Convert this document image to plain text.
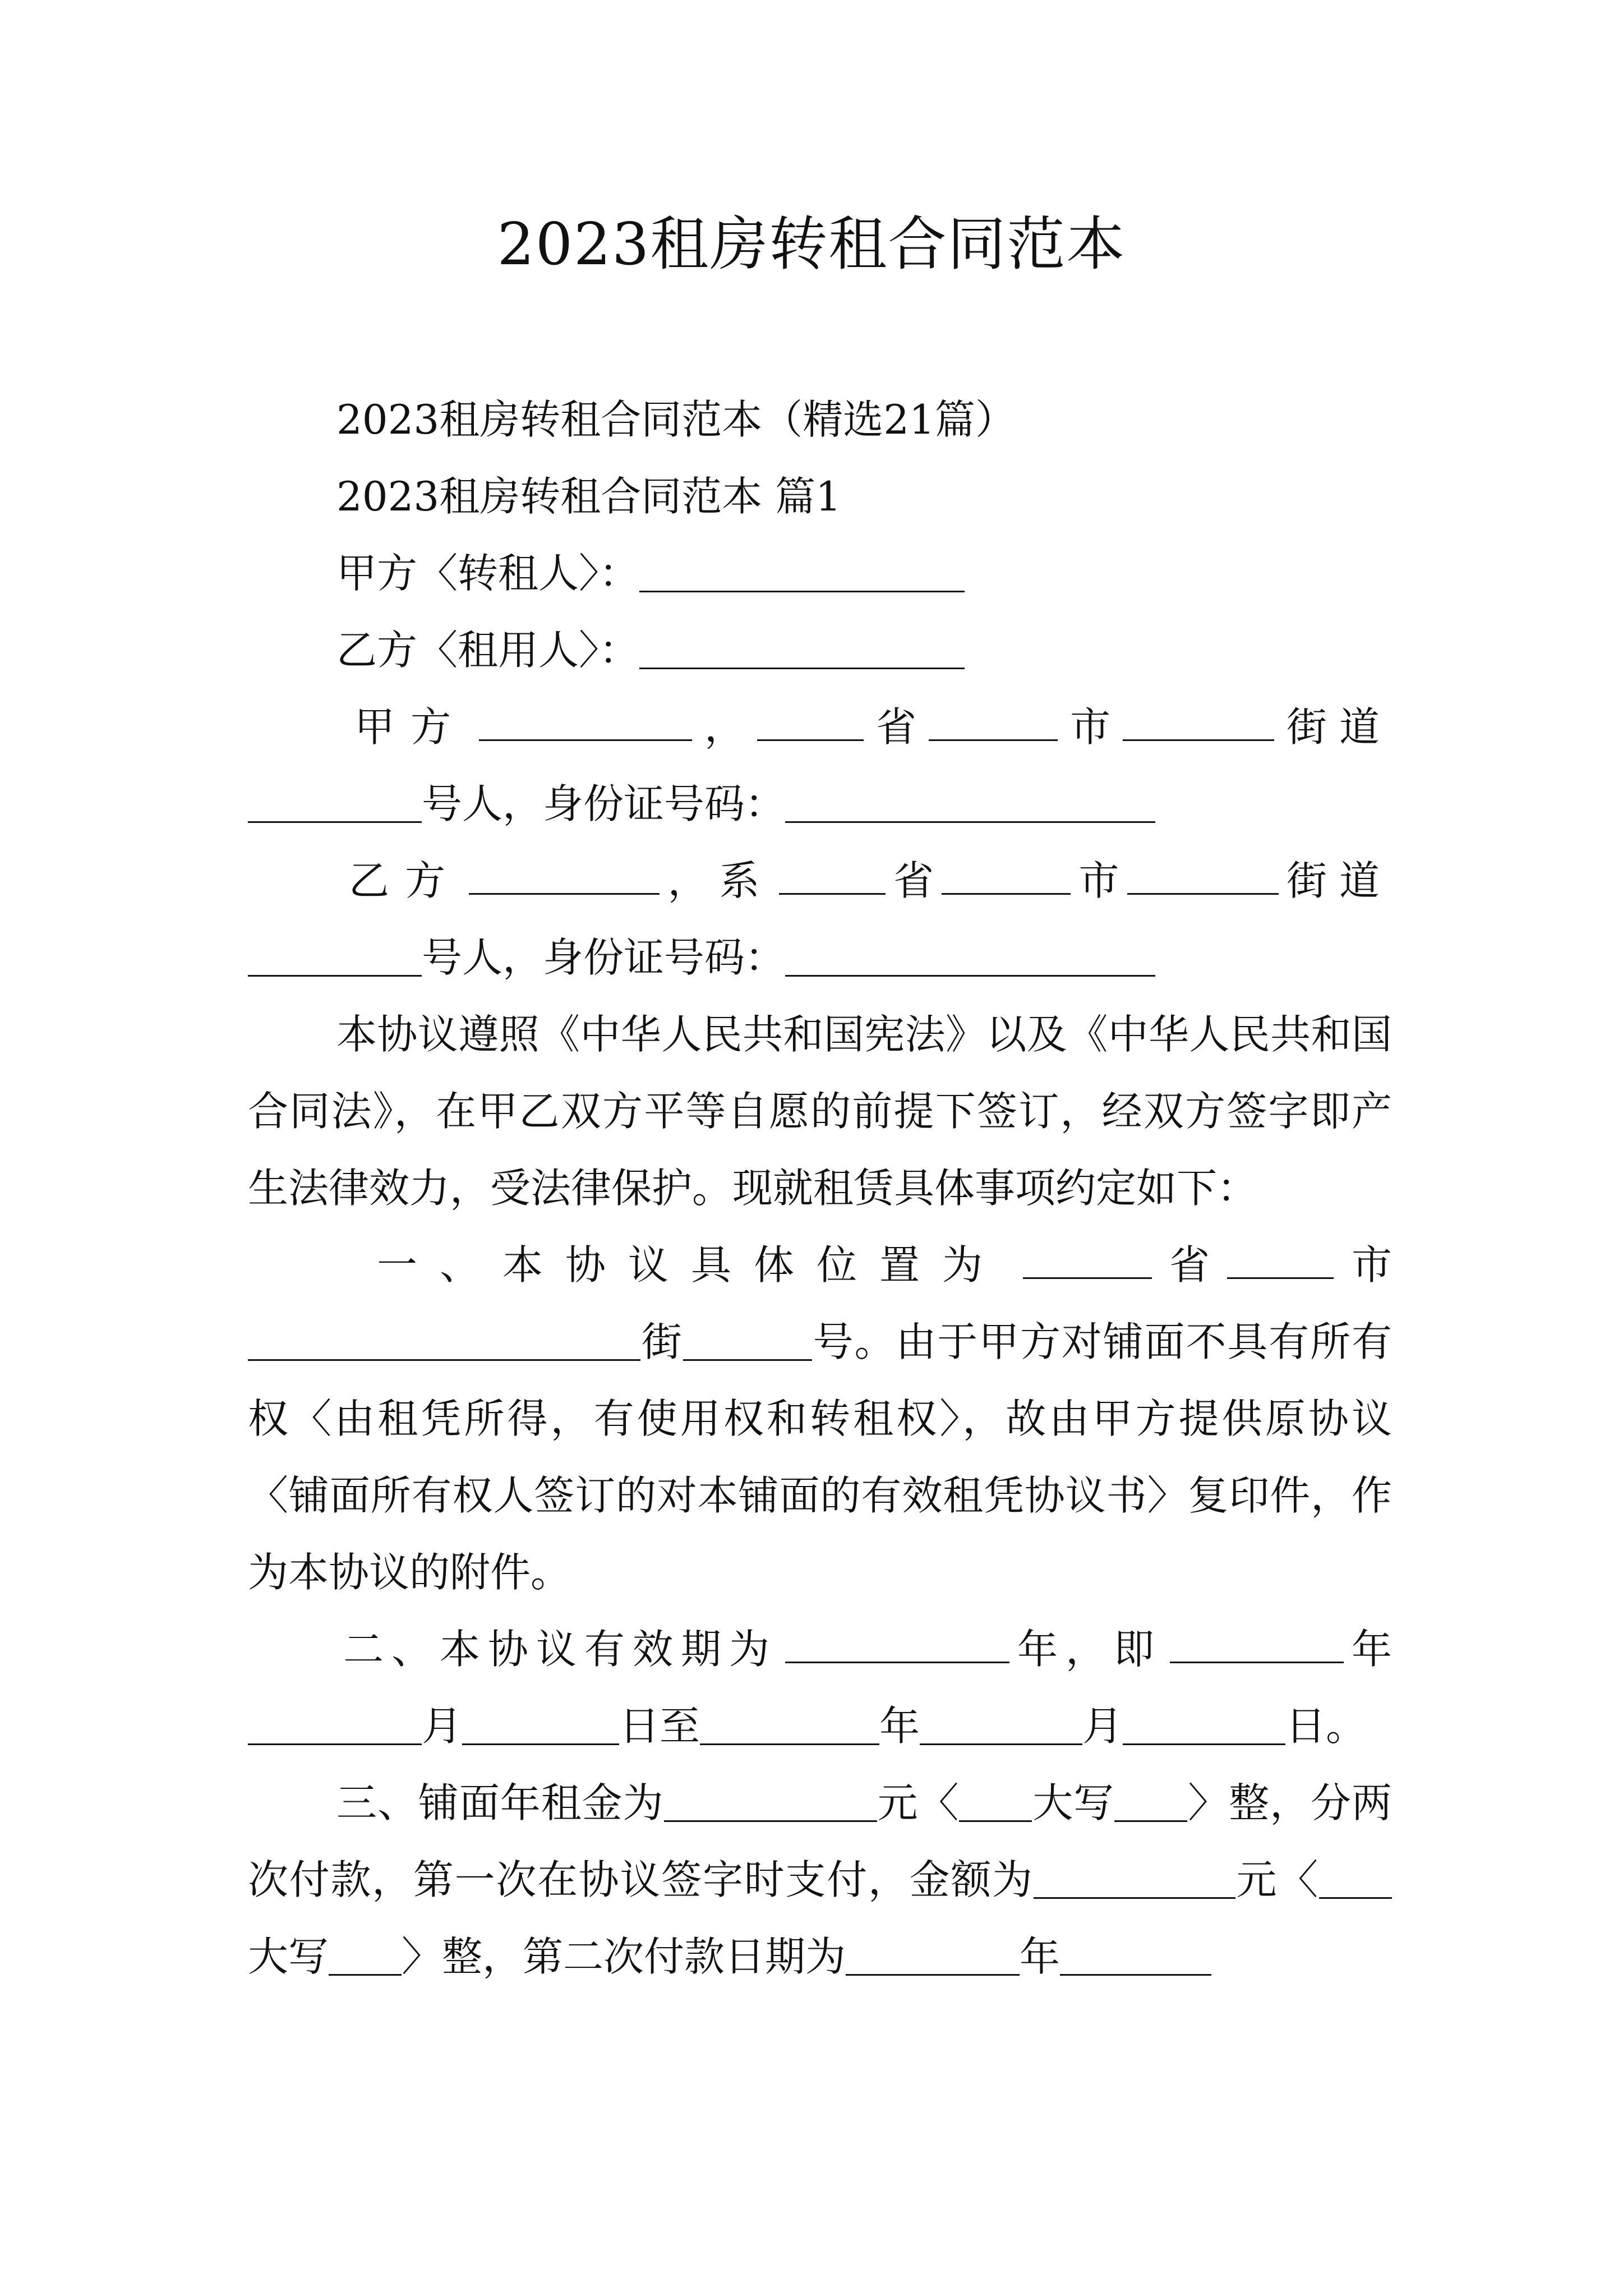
2023租房转租合同范本

2023租房转租合同范本（精选21篇）

2023租房转租合同范本 篇1

甲方〈转租人〉：

乙方〈租用人〉：

甲方	，	省	市	街道

号人，身份证号码：

乙方	，系	省	市	街道

号人，身份证号码：

本协议遵照《中华人民共和国宪法》以及《中华人民共和国合同法》，在甲乙双方平等自愿的前提下签订，经双方签字即产生法律效力，受法律保护。现就租赁具体事项约定如下：

一、本协议具体位置为	省	市

街	号。由于甲方对铺面不具有所有权〈由租凭所得，有使用权和转租权〉，故由甲方提供原协议〈铺面所有权人签订的对本铺面的有效租凭协议书〉复印件，作为本协议的附件。

二、本协议有效期为	年，即	年

月	日至	年	月	日。

三、铺面年租金为	元〈 大写 〉整，分两次付款，第一次在协议签字时支付，金额为	元〈大写 〉整，第二次付款日期为	年
